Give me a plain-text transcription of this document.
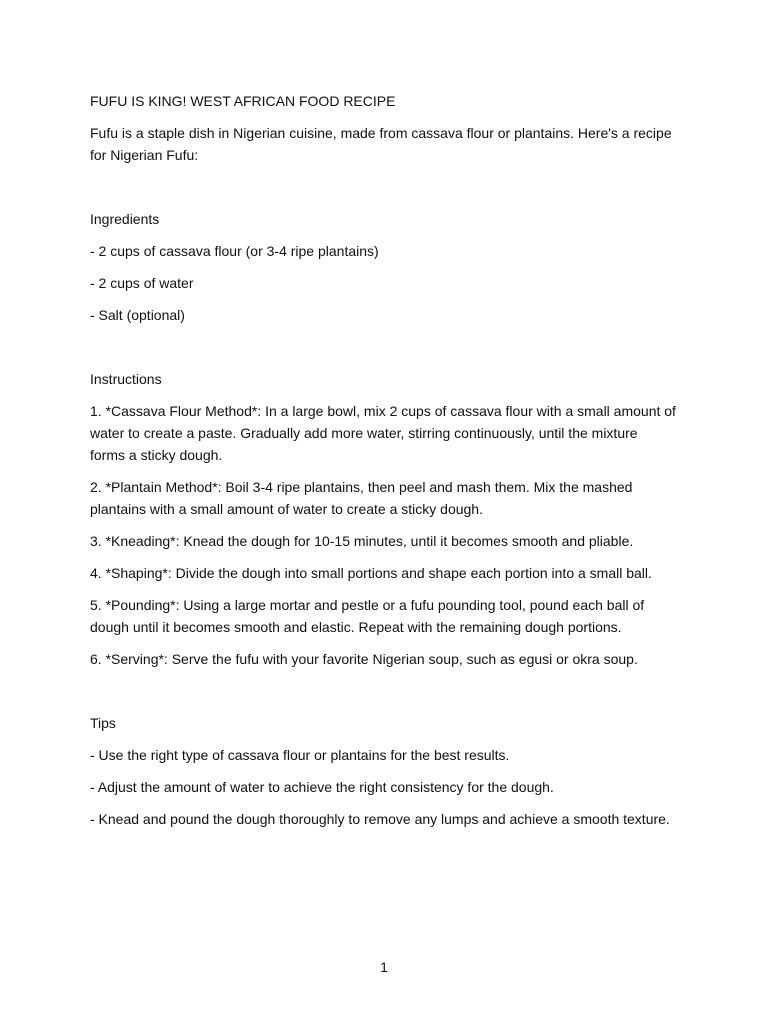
FUFU IS KING! WEST AFRICAN FOOD RECIPE

Fufu is a staple dish in Nigerian cuisine, made from cassava flour or plantains. Here's a recipe for Nigerian Fufu:

Ingredients

- 2 cups of cassava flour (or 3-4 ripe plantains)

- 2 cups of water

- Salt (optional)

Instructions

1. *Cassava Flour Method*: In a large bowl, mix 2 cups of cassava flour with a small amount of water to create a paste. Gradually add more water, stirring continuously, until the mixture forms a sticky dough.

2. *Plantain Method*: Boil 3-4 ripe plantains, then peel and mash them. Mix the mashed plantains with a small amount of water to create a sticky dough.

3. *Kneading*: Knead the dough for 10-15 minutes, until it becomes smooth and pliable.

4. *Shaping*: Divide the dough into small portions and shape each portion into a small ball.

5. *Pounding*: Using a large mortar and pestle or a fufu pounding tool, pound each ball of dough until it becomes smooth and elastic. Repeat with the remaining dough portions.

6. *Serving*: Serve the fufu with your favorite Nigerian soup, such as egusi or okra soup.

Tips

- Use the right type of cassava flour or plantains for the best results.

- Adjust the amount of water to achieve the right consistency for the dough.

- Knead and pound the dough thoroughly to remove any lumps and achieve a smooth texture.

1
